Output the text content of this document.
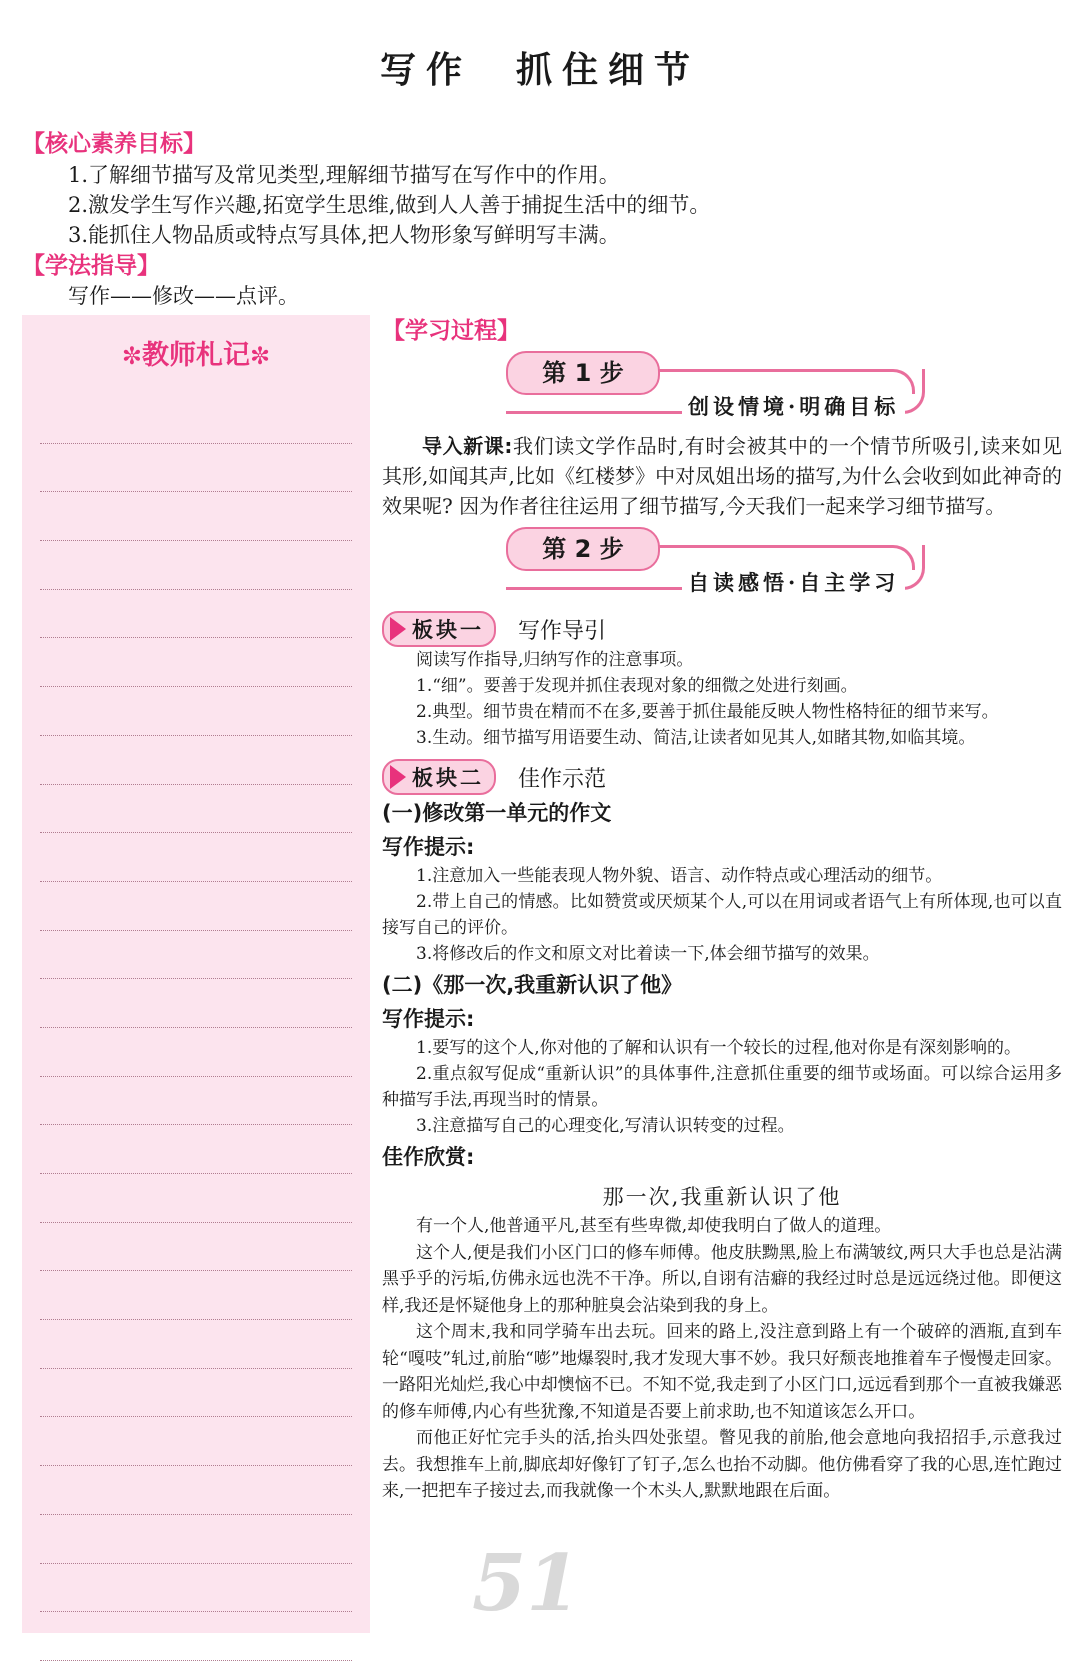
写作 抓住细节
【核心素养目标】
1.了解细节描写及常见类型,理解细节描写在写作中的作用。
2.激发学生写作兴趣,拓宽学生思维,做到人人善于捕捉生活中的细节。
3.能抓住人物品质或特点写具体,把人物形象写鲜明写丰满。
【学法指导】
写作——修改——点评。
✼教师札记✼
【学习过程】
第 1 步
创设情境·明确目标

导入新课:我们读文学作品时,有时会被其中的一个情节所吸引,读来如见其形,如闻其声,比如《红楼梦》中对凤姐出场的描写,为什么会收到如此神奇的效果呢? 因为作者往往运用了细节描写,今天我们一起来学习细节描写。

第 2 步
自读感悟·自主学习
板块一 写作导引

阅读写作指导,归纳写作的注意事项。

1.“细”。要善于发现并抓住表现对象的细微之处进行刻画。

2.典型。细节贵在精而不在多,要善于抓住最能反映人物性格特征的细节来写。

3.生动。细节描写用语要生动、简洁,让读者如见其人,如睹其物,如临其境。

板块二 佳作示范
(一)修改第一单元的作文
写作提示:

1.注意加入一些能表现人物外貌、语言、动作特点或心理活动的细节。

2.带上自己的情感。比如赞赏或厌烦某个人,可以在用词或者语气上有所体现,也可以直接写自己的评价。

3.将修改后的作文和原文对比着读一下,体会细节描写的效果。

(二)《那一次,我重新认识了他》
写作提示:

1.要写的这个人,你对他的了解和认识有一个较长的过程,他对你是有深刻影响的。

2.重点叙写促成“重新认识”的具体事件,注意抓住重要的细节或场面。可以综合运用多种描写手法,再现当时的情景。

3.注意描写自己的心理变化,写清认识转变的过程。

佳作欣赏:
那一次,我重新认识了他

有一个人,他普通平凡,甚至有些卑微,却使我明白了做人的道理。

这个人,便是我们小区门口的修车师傅。他皮肤黝黑,脸上布满皱纹,两只大手也总是沾满黑乎乎的污垢,仿佛永远也洗不干净。所以,自诩有洁癖的我经过时总是远远绕过他。即便这样,我还是怀疑他身上的那种脏臭会沾染到我的身上。

这个周末,我和同学骑车出去玩。回来的路上,没注意到路上有一个破碎的酒瓶,直到车轮“嘎吱”轧过,前胎“嘭”地爆裂时,我才发现大事不妙。我只好颓丧地推着车子慢慢走回家。一路阳光灿烂,我心中却懊恼不已。不知不觉,我走到了小区门口,远远看到那个一直被我嫌恶的修车师傅,内心有些犹豫,不知道是否要上前求助,也不知道该怎么开口。

而他正好忙完手头的活,抬头四处张望。瞥见我的前胎,他会意地向我招招手,示意我过去。我想推车上前,脚底却好像钉了钉子,怎么也抬不动脚。他仿佛看穿了我的心思,连忙跑过来,一把把车子接过去,而我就像一个木头人,默默地跟在后面。

51
